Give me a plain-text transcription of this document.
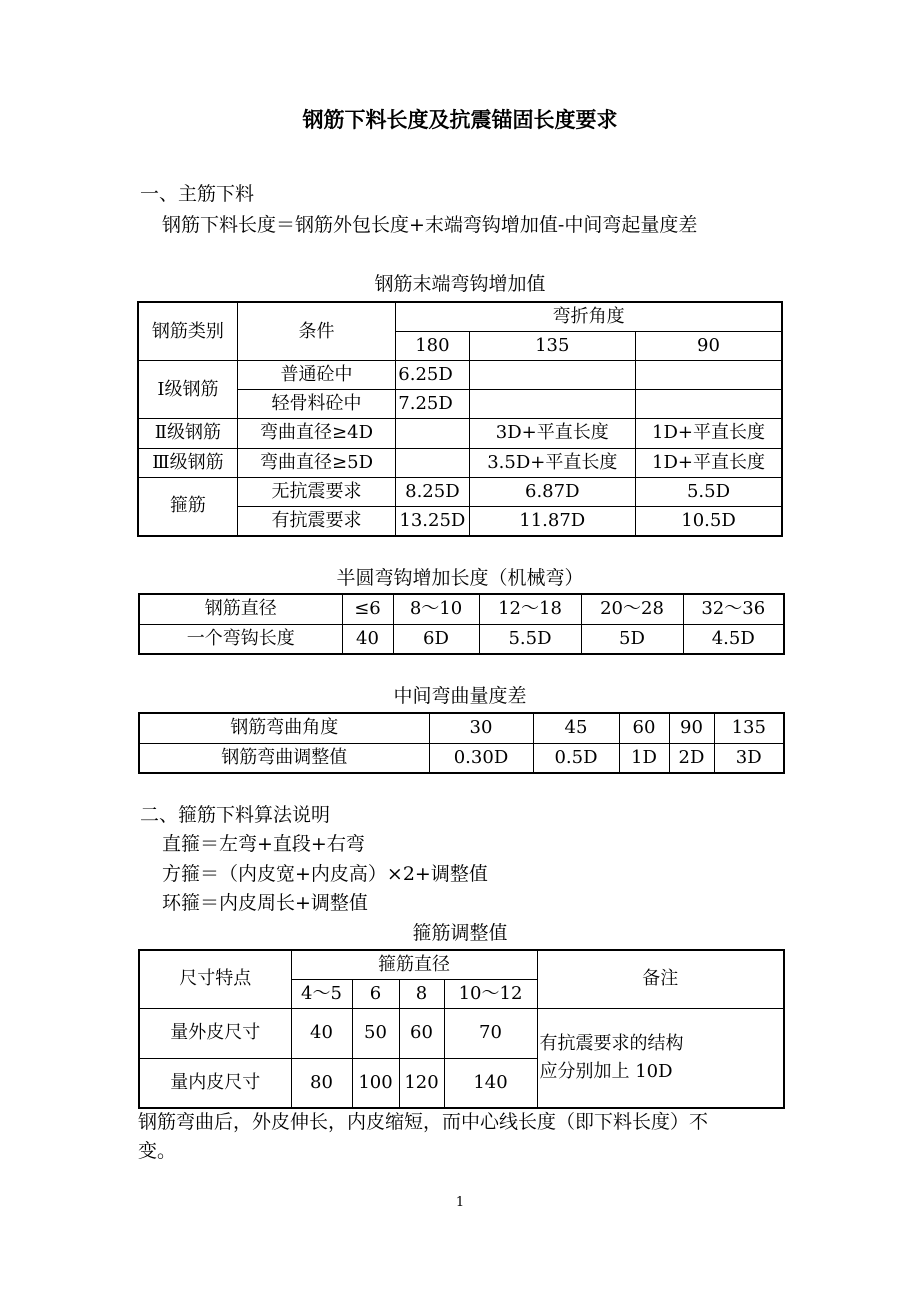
钢筋下料长度及抗震锚固长度要求
一、主筋下料
钢筋下料长度＝钢筋外包长度+末端弯钩增加值-中间弯起量度差
钢筋末端弯钩增加值
钢筋类别	条件	弯折角度		
		180	135	90
Ⅰ级钢筋	普通砼中	6.25D		
	轻骨料砼中	7.25D		
Ⅱ级钢筋	弯曲直径≥4D		3D+平直长度	1D+平直长度
Ⅲ级钢筋	弯曲直径≥5D		3.5D+平直长度	1D+平直长度
箍筋	无抗震要求	8.25D	6.87D	5.5D
	有抗震要求	13.25D	11.87D	10.5D
半圆弯钩增加长度（机械弯）
钢筋直径	≤6	8～10	12～18	20～28	32～36
一个弯钩长度	40	6D	5.5D	5D	4.5D
中间弯曲量度差
钢筋弯曲角度	30	45	60	90	135
钢筋弯曲调整值	0.30D	0.5D	1D	2D	3D
二、箍筋下料算法说明
直箍＝左弯+直段+右弯
方箍＝（内皮宽+内皮高）×2+调整值
环箍＝内皮周长+调整值
箍筋调整值
尺寸特点	箍筋直径				备注
	4～5	6	8	10～12	
量外皮尺寸	40	50	60	70	有抗震要求的结构
应分别加上 10D

量内皮尺寸	80	100	120	140	
钢筋弯曲后，外皮伸长，内皮缩短，而中心线长度（即下料长度）不
变。
1
